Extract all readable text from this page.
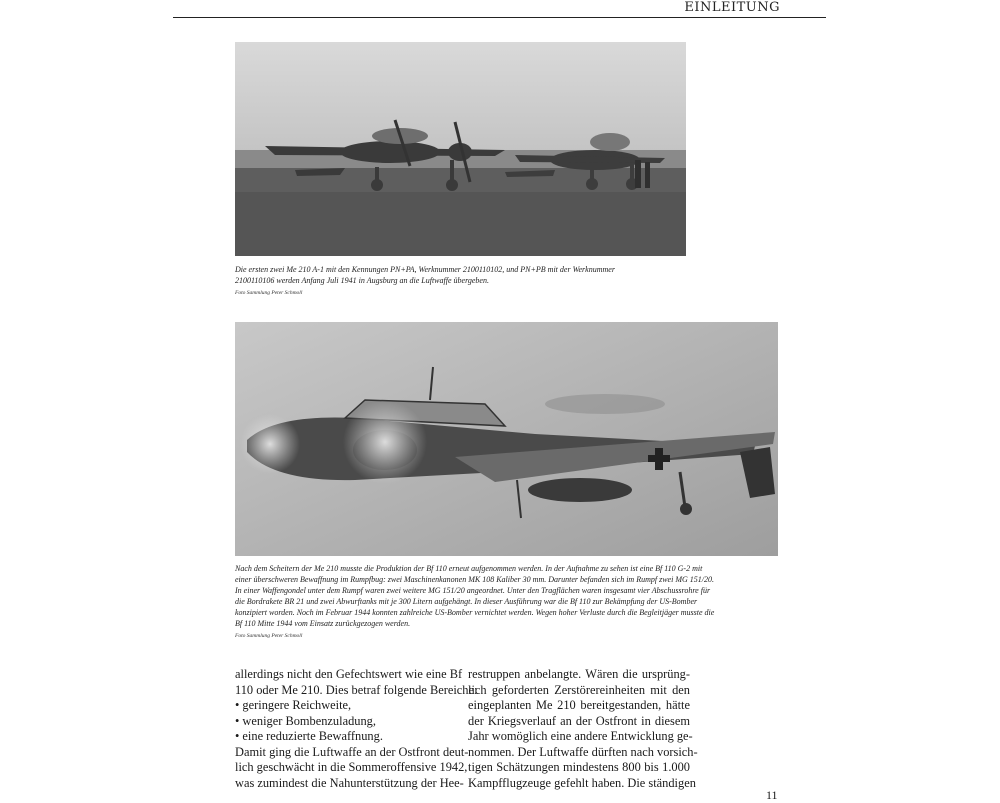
EINLEITUNG
Die ersten zwei Me 210 A-1 mit den Kennungen PN+PA, Werknummer 2100110102, und PN+PB mit der Werknummer
2100110106 werden Anfang Juli 1941 in Augsburg an die Luftwaffe übergeben.
Foto Sammlung Peter Schmoll
Nach dem Scheitern der Me 210 musste die Produktion der Bf 110 erneut aufgenommen werden. In der Aufnahme zu sehen ist eine Bf 110 G-2 mit
einer überschweren Bewaffnung im Rumpfbug: zwei Maschinenkanonen MK 108 Kaliber 30 mm. Darunter befanden sich im Rumpf zwei MG 151/20.
In einer Waffengondel unter dem Rumpf waren zwei weitere MG 151/20 angeordnet. Unter den Tragflächen waren insgesamt vier Abschussrohre für
die Bordrakete BR 21 und zwei Abwurftanks mit je 300 Litern aufgehängt. In dieser Ausführung war die Bf 110 zur Bekämpfung der US-Bomber
konzipiert worden. Noch im Februar 1944 konnten zahlreiche US-Bomber vernichtet werden. Wegen hoher Verluste durch die Begleitjäger musste die
Bf 110 Mitte 1944 vom Einsatz zurückgezogen werden.
Foto Sammlung Peter Schmoll
allerdings nicht den Gefechtswert wie eine Bf
110 oder Me 210. Dies betraf folgende Bereiche:
• geringere Reichweite,
• weniger Bombenzuladung,
• eine reduzierte Bewaffnung.
Damit ging die Luftwaffe an der Ostfront deut-
lich geschwächt in die Sommeroffensive 1942,
was zumindest die Nahunterstützung der Hee-
restruppen anbelangte. Wären die ursprüng-
lich geforderten Zerstörereinheiten mit den
eingeplanten Me 210 bereitgestanden, hätte
der Kriegsverlauf an der Ostfront in diesem
Jahr womöglich eine andere Entwicklung ge-
nommen. Der Luftwaffe dürften nach vorsich-
tigen Schätzungen mindestens 800 bis 1.000
Kampfflugzeuge gefehlt haben. Die ständigen
11
